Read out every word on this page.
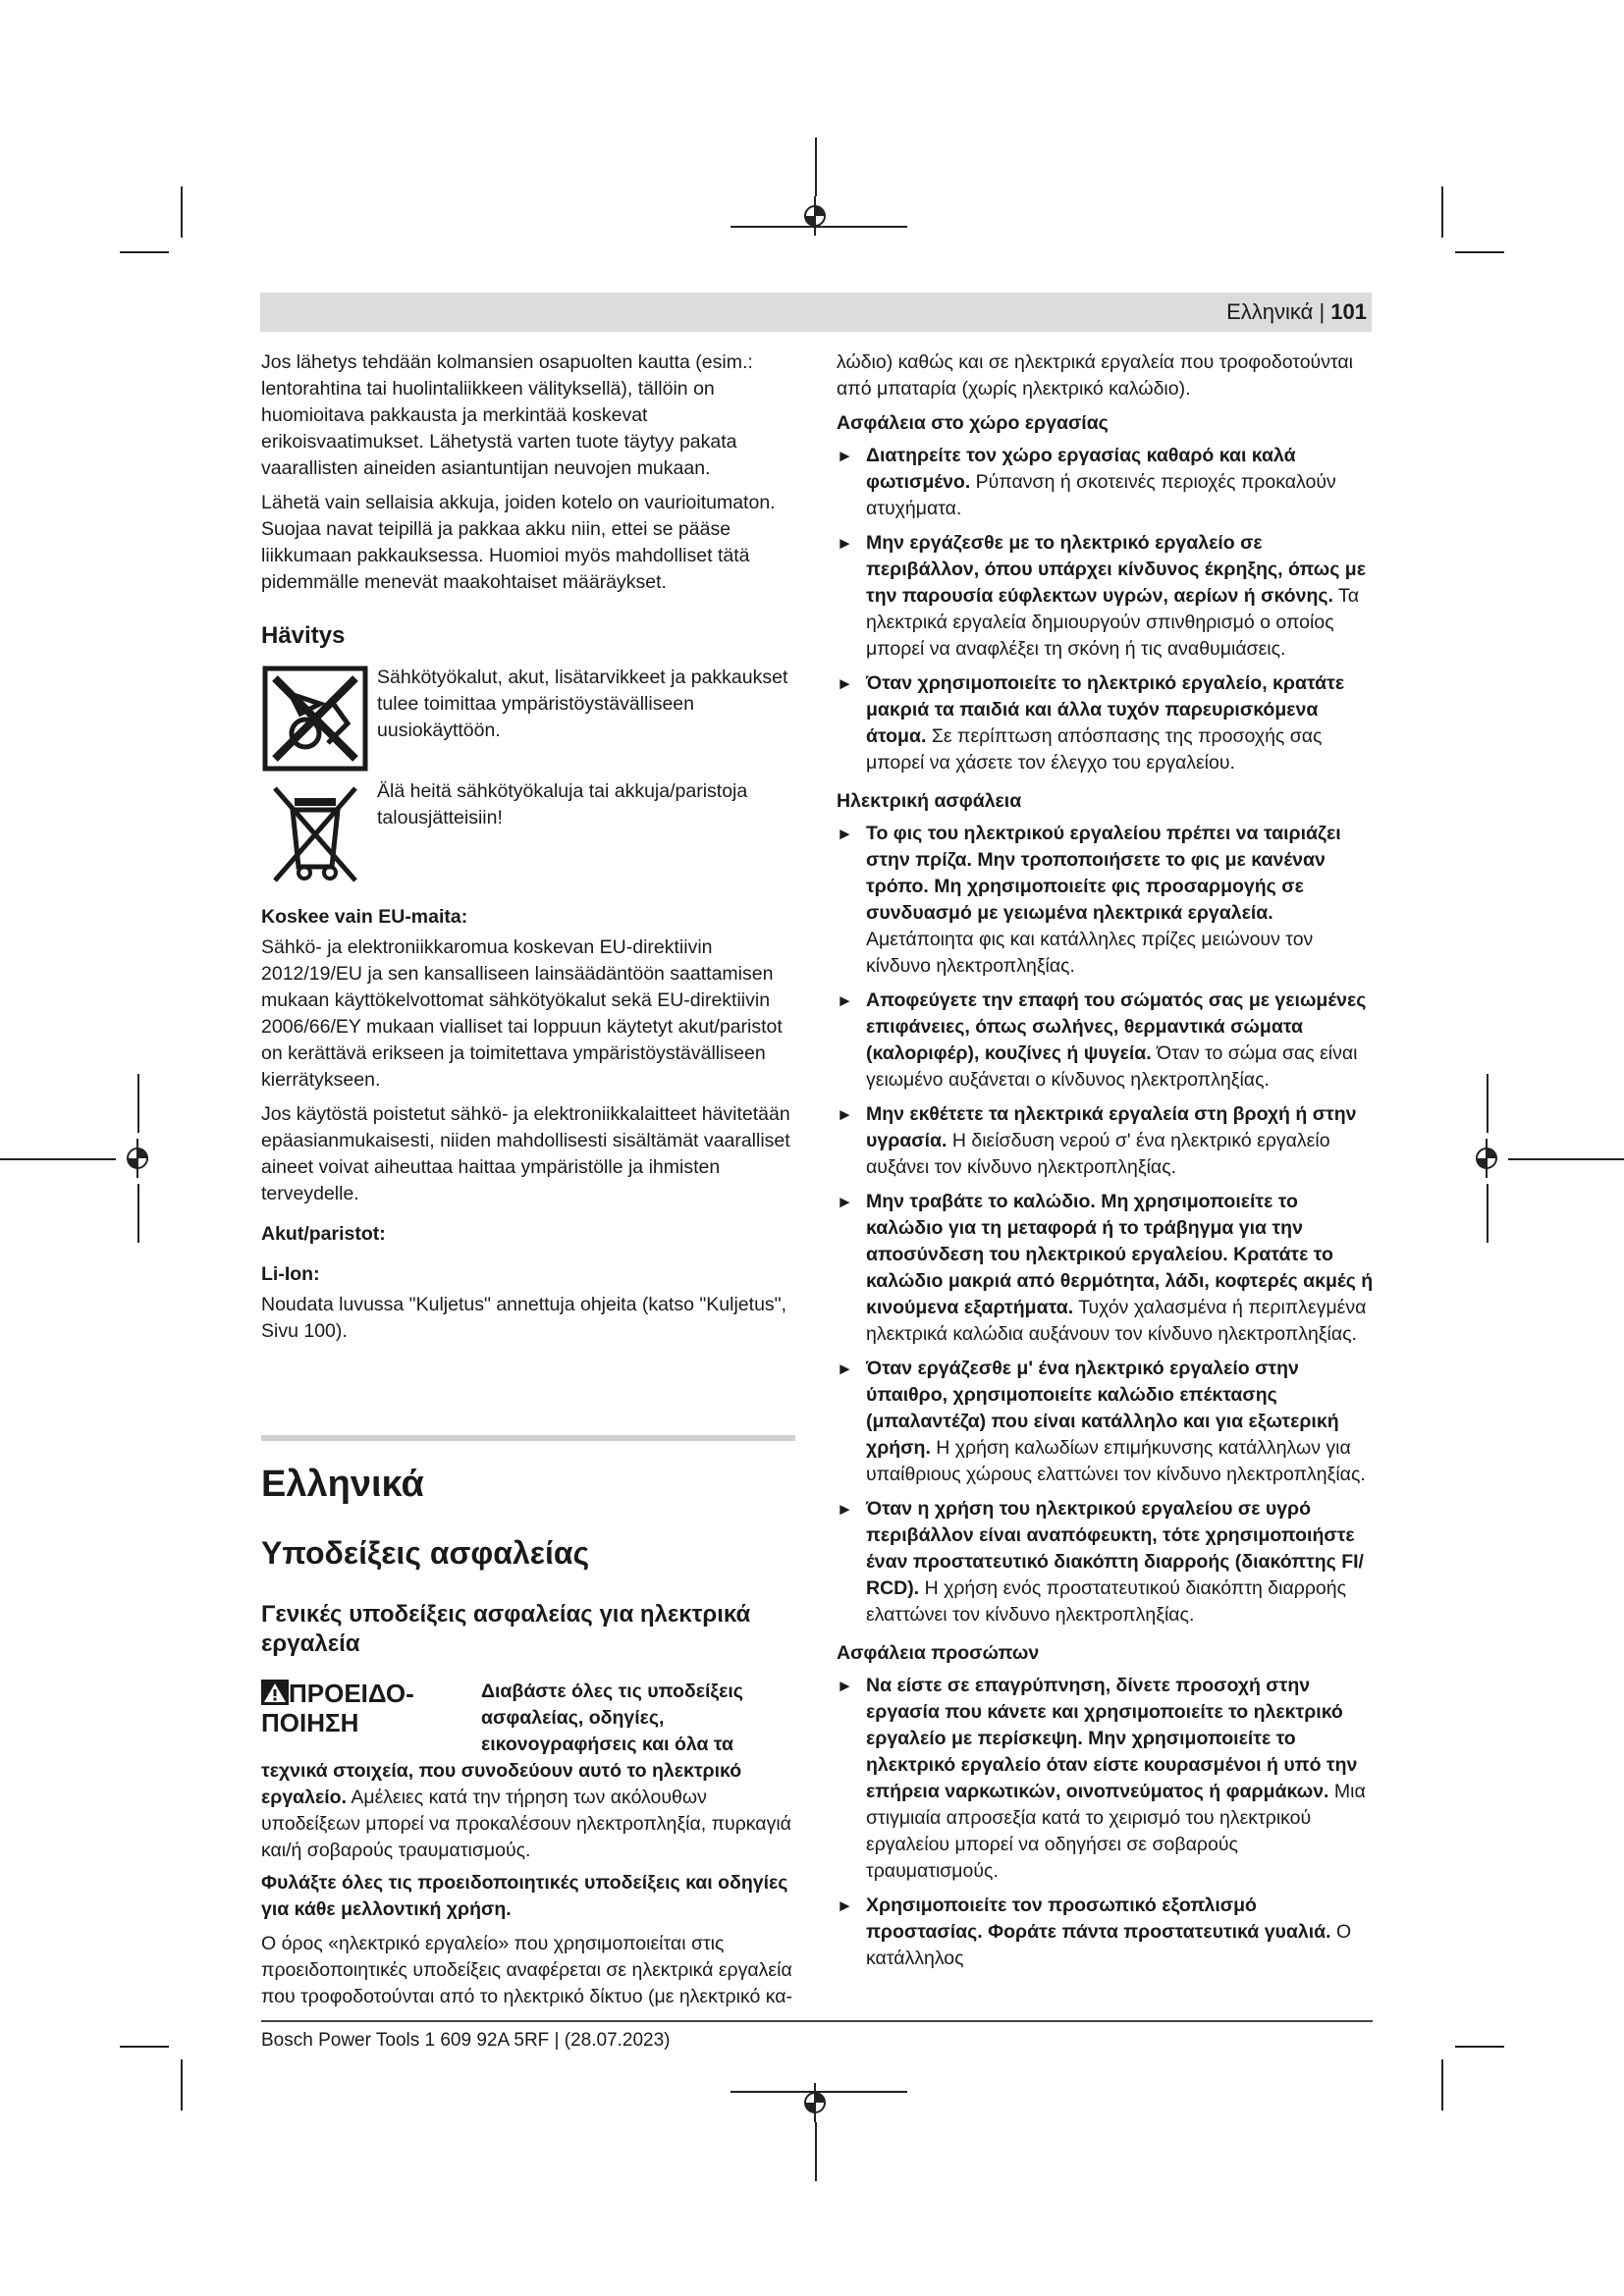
Ελληνικά | 101

Jos lähetys tehdään kolmansien osapuolten kautta (esim.: lentorahtina tai huolintaliikkeen välityksellä), tällöin on huomioitava pakkausta ja merkintää koskevat erikoisvaatimukset. Lähetystä varten tuote täytyy pakata vaarallisten aineiden asiantuntijan neuvojen mukaan.

Lähetä vain sellaisia akkuja, joiden kotelo on vaurioitumaton. Suojaa navat teipillä ja pakkaa akku niin, ettei se pääse liikkumaan pakkauksessa. Huomioi myös mahdolliset tätä pidemmälle menevät maakohtaiset määräykset.

Hävitys

Sähkötyökalut, akut, lisätarvikkeet ja pakkaukset tulee toimittaa ympäristöystävälliseen uusiokäyttöön.

Älä heitä sähkötyökaluja tai akkuja/paristoja talousjätteisiin!

Koskee vain EU-maita:

Sähkö- ja elektroniikkaromua koskevan EU-direktiivin 2012/19/EU ja sen kansalliseen lainsäädäntöön saattamisen mukaan käyttökelvottomat sähkötyökalut sekä EU-direktiivin 2006/66/EY mukaan vialliset tai loppuun käytetyt akut/paristot on kerättävä erikseen ja toimitettava ympäristöystävälliseen kierrätykseen.

Jos käytöstä poistetut sähkö- ja elektroniikkalaitteet hävitetään epäasianmukaisesti, niiden mahdollisesti sisältämät vaaralliset aineet voivat aiheuttaa haittaa ympäristölle ja ihmisten terveydelle.

Akut/paristot:
Li-Ion:

Noudata luvussa "Kuljetus" annettuja ohjeita (katso "Kuljetus", Sivu 100).

Ελληνικά
Υποδείξεις ασφαλείας
Γενικές υποδείξεις ασφαλείας για ηλεκτρικά εργαλεία
ΠΡΟΕΙΔΟΠΟΙΗΣΗ
Διαβάστε όλες τις υποδείξεις ασφαλείας, οδηγίες, εικονογραφήσεις και όλα τα τεχνικά στοιχεία, που συνοδεύουν αυτό το ηλεκτρικό εργαλείο. Αμέλειες κατά την τήρηση των ακόλουθων υποδείξεων μπορεί να προκαλέσουν ηλεκτροπληξία, πυρκαγιά και/ή σοβαρούς τραυματισμούς.

Φυλάξτε όλες τις προειδοποιητικές υποδείξεις και οδηγίες για κάθε μελλοντική χρήση.

Ο όρος «ηλεκτρικό εργαλείο» που χρησιμοποιείται στις προειδοποιητικές υποδείξεις αναφέρεται σε ηλεκτρικά εργαλεία που τροφοδοτούνται από το ηλεκτρικό δίκτυο (με ηλεκτρικό κα-

λώδιο) καθώς και σε ηλεκτρικά εργαλεία που τροφοδοτούνται από μπαταρία (χωρίς ηλεκτρικό καλώδιο).

Ασφάλεια στο χώρο εργασίας
► Διατηρείτε τον χώρο εργασίας καθαρό και καλά φωτισμένο. Ρύπανση ή σκοτεινές περιοχές προκαλούν ατυχήματα.
► Μην εργάζεσθε με το ηλεκτρικό εργαλείο σε περιβάλλον, όπου υπάρχει κίνδυνος έκρηξης, όπως με την παρουσία εύφλεκτων υγρών, αερίων ή σκόνης. Τα ηλεκτρικά εργαλεία δημιουργούν σπινθηρισμό ο οποίος μπορεί να αναφλέξει τη σκόνη ή τις αναθυμιάσεις.
► Όταν χρησιμοποιείτε το ηλεκτρικό εργαλείο, κρατάτε μακριά τα παιδιά και άλλα τυχόν παρευρισκόμενα άτομα. Σε περίπτωση απόσπασης της προσοχής σας μπορεί να χάσετε τον έλεγχο του εργαλείου.
Ηλεκτρική ασφάλεια
► Το φις του ηλεκτρικού εργαλείου πρέπει να ταιριάζει στην πρίζα. Μην τροποποιήσετε το φις με κανέναν τρόπο. Μη χρησιμοποιείτε φις προσαρμογής σε συνδυασμό με γειωμένα ηλεκτρικά εργαλεία. Αμετάποιητα φις και κατάλληλες πρίζες μειώνουν τον κίνδυνο ηλεκτροπληξίας.
► Αποφεύγετε την επαφή του σώματός σας με γειωμένες επιφάνειες, όπως σωλήνες, θερμαντικά σώματα (καλοριφέρ), κουζίνες ή ψυγεία. Όταν το σώμα σας είναι γειωμένο αυξάνεται ο κίνδυνος ηλεκτροπληξίας.
► Μην εκθέτετε τα ηλεκτρικά εργαλεία στη βροχή ή στην υγρασία. Η διείσδυση νερού σ' ένα ηλεκτρικό εργαλείο αυξάνει τον κίνδυνο ηλεκτροπληξίας.
► Μην τραβάτε το καλώδιο. Μη χρησιμοποιείτε το καλώδιο για τη μεταφορά ή το τράβηγμα για την αποσύνδεση του ηλεκτρικού εργαλείου. Κρατάτε το καλώδιο μακριά από θερμότητα, λάδι, κοφτερές ακμές ή κινούμενα εξαρτήματα. Τυχόν χαλασμένα ή περιπλεγμένα ηλεκτρικά καλώδια αυξάνουν τον κίνδυνο ηλεκτροπληξίας.
► Όταν εργάζεσθε μ' ένα ηλεκτρικό εργαλείο στην ύπαιθρο, χρησιμοποιείτε καλώδιο επέκτασης (μπαλαντέζα) που είναι κατάλληλο και για εξωτερική χρήση. Η χρήση καλωδίων επιμήκυνσης κατάλληλων για υπαίθριους χώρους ελαττώνει τον κίνδυνο ηλεκτροπληξίας.
► Όταν η χρήση του ηλεκτρικού εργαλείου σε υγρό περιβάλλον είναι αναπόφευκτη, τότε χρησιμοποιήστε έναν προστατευτικό διακόπτη διαρροής (διακόπτης FI/ RCD). Η χρήση ενός προστατευτικού διακόπτη διαρροής ελαττώνει τον κίνδυνο ηλεκτροπληξίας.
Ασφάλεια προσώπων
► Να είστε σε επαγρύπνηση, δίνετε προσοχή στην εργασία που κάνετε και χρησιμοποιείτε το ηλεκτρικό εργαλείο με περίσκεψη. Μην χρησιμοποιείτε το ηλεκτρικό εργαλείο όταν είστε κουρασμένοι ή υπό την επήρεια ναρκωτικών, οινοπνεύματος ή φαρμάκων. Μια στιγμιαία απροσεξία κατά το χειρισμό του ηλεκτρικού εργαλείου μπορεί να οδηγήσει σε σοβαρούς τραυματισμούς.
► Χρησιμοποιείτε τον προσωπικό εξοπλισμό προστασίας. Φοράτε πάντα προστατευτικά γυαλιά. Ο κατάλληλος
Bosch Power Tools 1 609 92A 5RF | (28.07.2023)
